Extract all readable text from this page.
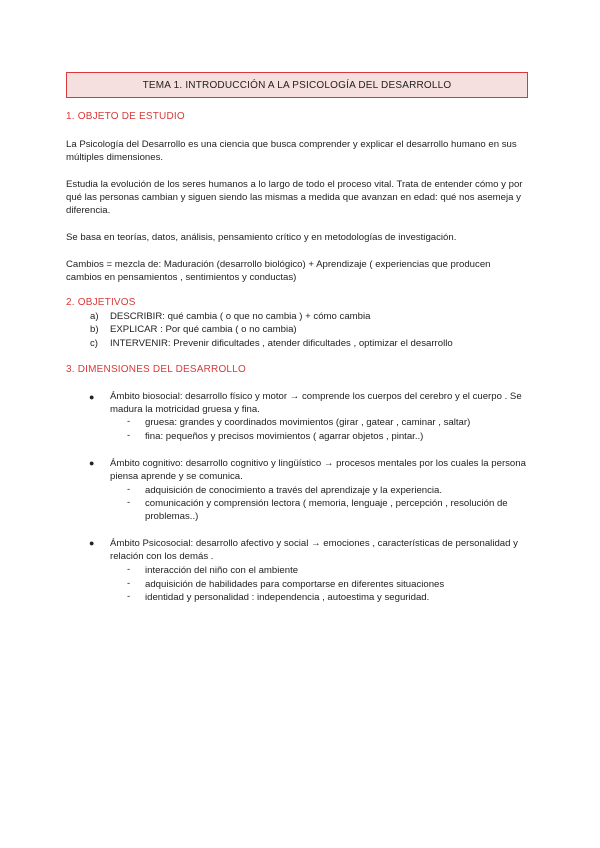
TEMA 1. INTRODUCCIÓN A LA PSICOLOGÍA DEL DESARROLLO
1. OBJETO DE ESTUDIO
La Psicología del Desarrollo es una ciencia que busca comprender y explicar el desarrollo humano en sus múltiples dimensiones.
Estudia la evolución de los seres humanos a lo largo de todo el proceso vital. Trata de entender cómo y por qué las personas cambian y siguen siendo las mismas a medida que avanzan en edad: qué nos asemeja y diferencia.
Se basa en teorías, datos, análisis, pensamiento crítico y en metodologías de investigación.
Cambios = mezcla de: Maduración (desarrollo biológico) + Aprendizaje ( experiencias que producen cambios en pensamientos , sentimientos y conductas)
2. OBJETIVOS
a)	DESCRIBIR: qué cambia ( o que no cambia ) + cómo cambia
b)	EXPLICAR : Por qué cambia ( o no cambia)
c)	INTERVENIR: Prevenir dificultades , atender dificultades , optimizar el desarrollo
3. DIMENSIONES DEL DESARROLLO
● Ámbito biosocial: desarrollo físico y motor → comprende los cuerpos del cerebro y el cuerpo . Se madura la motricidad gruesa y fina.
- gruesa: grandes y coordinados movimientos (girar , gatear , caminar , saltar)
- fina: pequeños y precisos movimientos ( agarrar objetos , pintar..)
● Ámbito cognitivo: desarrollo cognitivo y lingüístico → procesos mentales por los cuales la persona piensa aprende y se comunica.
- adquisición de conocimiento a través del aprendizaje y la experiencia.
- comunicación y comprensión lectora ( memoria, lenguaje , percepción , resolución de problemas..)
● Ámbito Psicosocial: desarrollo afectivo y social → emociones , características de personalidad y relación con los demás .
- interacción del niño con el ambiente
- adquisición de habilidades para comportarse en diferentes situaciones
- identidad y personalidad : independencia , autoestima y seguridad.
